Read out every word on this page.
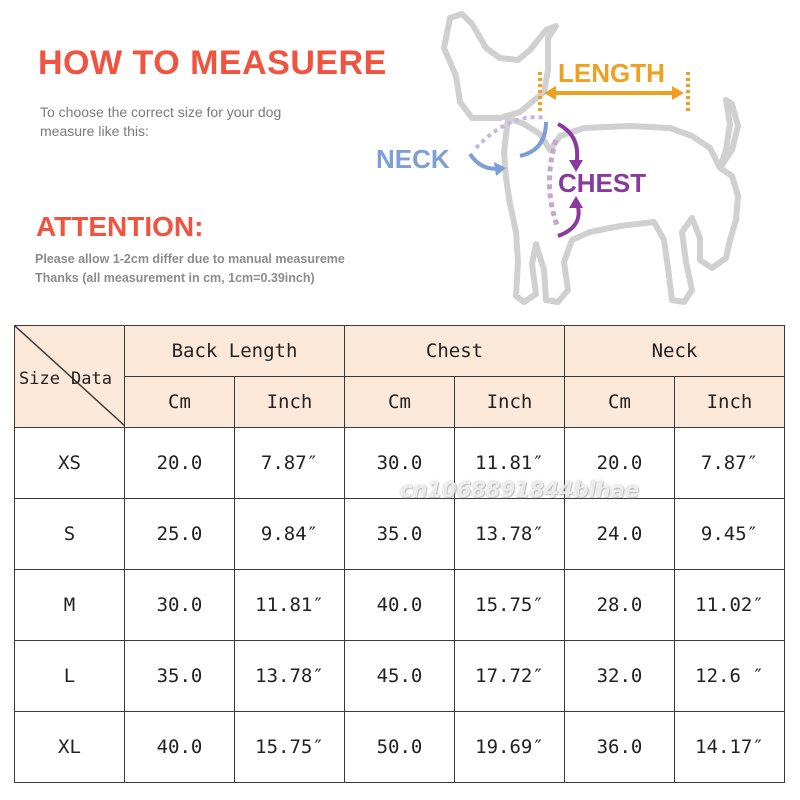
HOW TO MEASUERE
To choose the correct size for your dog
measure like this:
ATTENTION:
Please allow 1-2cm differ due to manual measureme
Thanks (all measurement in cm, 1cm=0.39inch)
LENGTH
NECK
CHEST
Size Data	Back Length		Chest		Neck	
	Cm	Inch	Cm	Inch	Cm	Inch
XS	20.0	7.87″	30.0	11.81″	20.0	7.87″
S	25.0	9.84″	35.0	13.78″	24.0	9.45″
M	30.0	11.81″	40.0	15.75″	28.0	11.02″
L	35.0	13.78″	45.0	17.72″	32.0	12.6 ″
XL	40.0	15.75″	50.0	19.69″	36.0	14.17″
cn1068891844blhae
